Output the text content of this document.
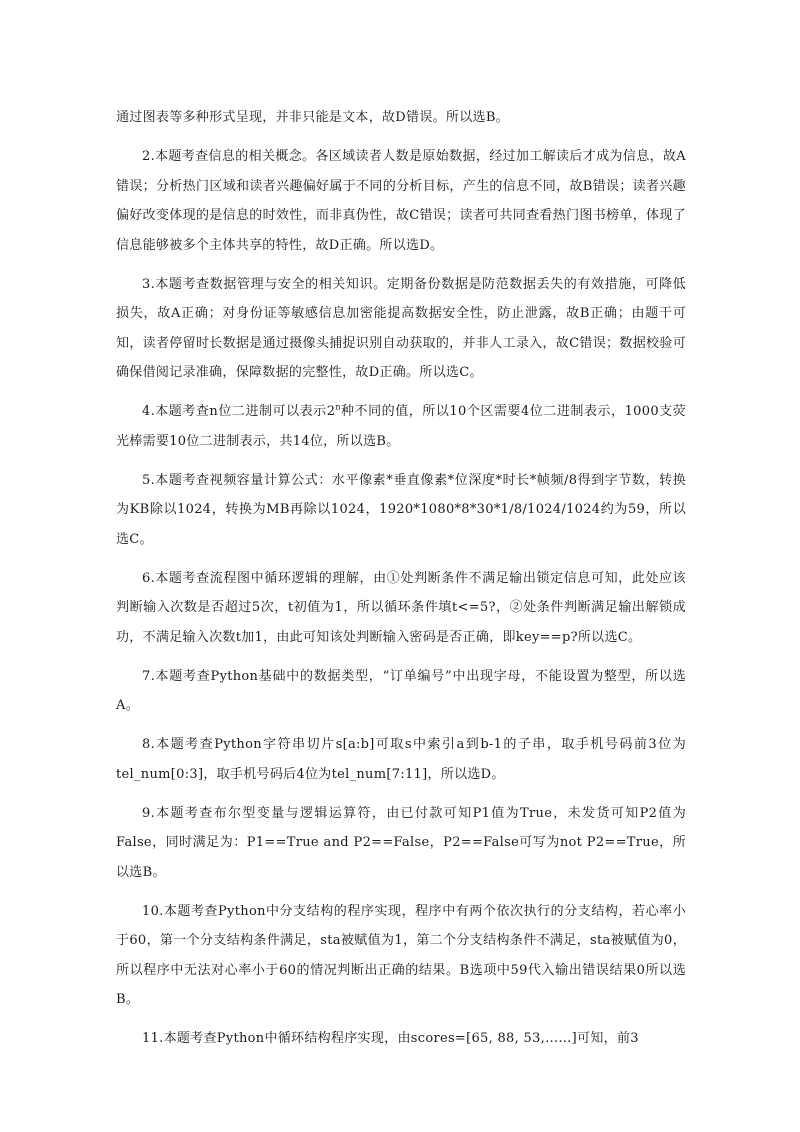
通过图表等多种形式呈现，并非只能是文本，故D错误。所以选B。

2.本题考查信息的相关概念。各区域读者人数是原始数据，经过加工解读后才成为信息，故A错误；分析热门区域和读者兴趣偏好属于不同的分析目标，产生的信息不同，故B错误；读者兴趣偏好改变体现的是信息的时效性，而非真伪性，故C错误；读者可共同查看热门图书榜单，体现了信息能够被多个主体共享的特性，故D正确。所以选D。

3.本题考查数据管理与安全的相关知识。定期备份数据是防范数据丢失的有效措施，可降低损失，故A正确；对身份证等敏感信息加密能提高数据安全性，防止泄露，故B正确；由题干可知，读者停留时长数据是通过摄像头捕捉识别自动获取的，并非人工录入，故C错误；数据校验可确保借阅记录准确，保障数据的完整性，故D正确。所以选C。

4.本题考查n位二进制可以表示2$^n$种不同的值，所以10个区需要4位二进制表示，1000支荧光棒需要10位二进制表示，共14位，所以选B。

5.本题考查视频容量计算公式：水平像素*垂直像素*位深度*时长*帧频/8得到字节数，转换为KB除以1024，转换为MB再除以1024，1920*1080*8*30*1/8/1024/1024约为59，所以选C。

6.本题考查流程图中循环逻辑的理解，由①处判断条件不满足输出锁定信息可知，此处应该判断输入次数是否超过5次，t初值为1，所以循环条件填t<=5?，②处条件判断满足输出解锁成功，不满足输入次数t加1，由此可知该处判断输入密码是否正确，即key==p?所以选C。

7.本题考查Python基础中的数据类型，“订单编号”中出现字母，不能设置为整型，所以选A。

8.本题考查Python字符串切片s[a:b]可取s中索引a到b-1的子串，取手机号码前3位为tel_num[0:3]，取手机号码后4位为tel_num[7:11]，所以选D。

9.本题考查布尔型变量与逻辑运算符，由已付款可知P1值为True，未发货可知P2值为False，同时满足为：P1==True and P2==False，P2==False可写为not P2==True，所以选B。

10.本题考查Python中分支结构的程序实现，程序中有两个依次执行的分支结构，若心率小于60，第一个分支结构条件满足，sta被赋值为1，第二个分支结构条件不满足，sta被赋值为0，所以程序中无法对心率小于60的情况判断出正确的结果。B选项中59代入输出错误结果0所以选B。

11.本题考查Python中循环结构程序实现，由scores=[65, 88, 53,……]可知，前3
